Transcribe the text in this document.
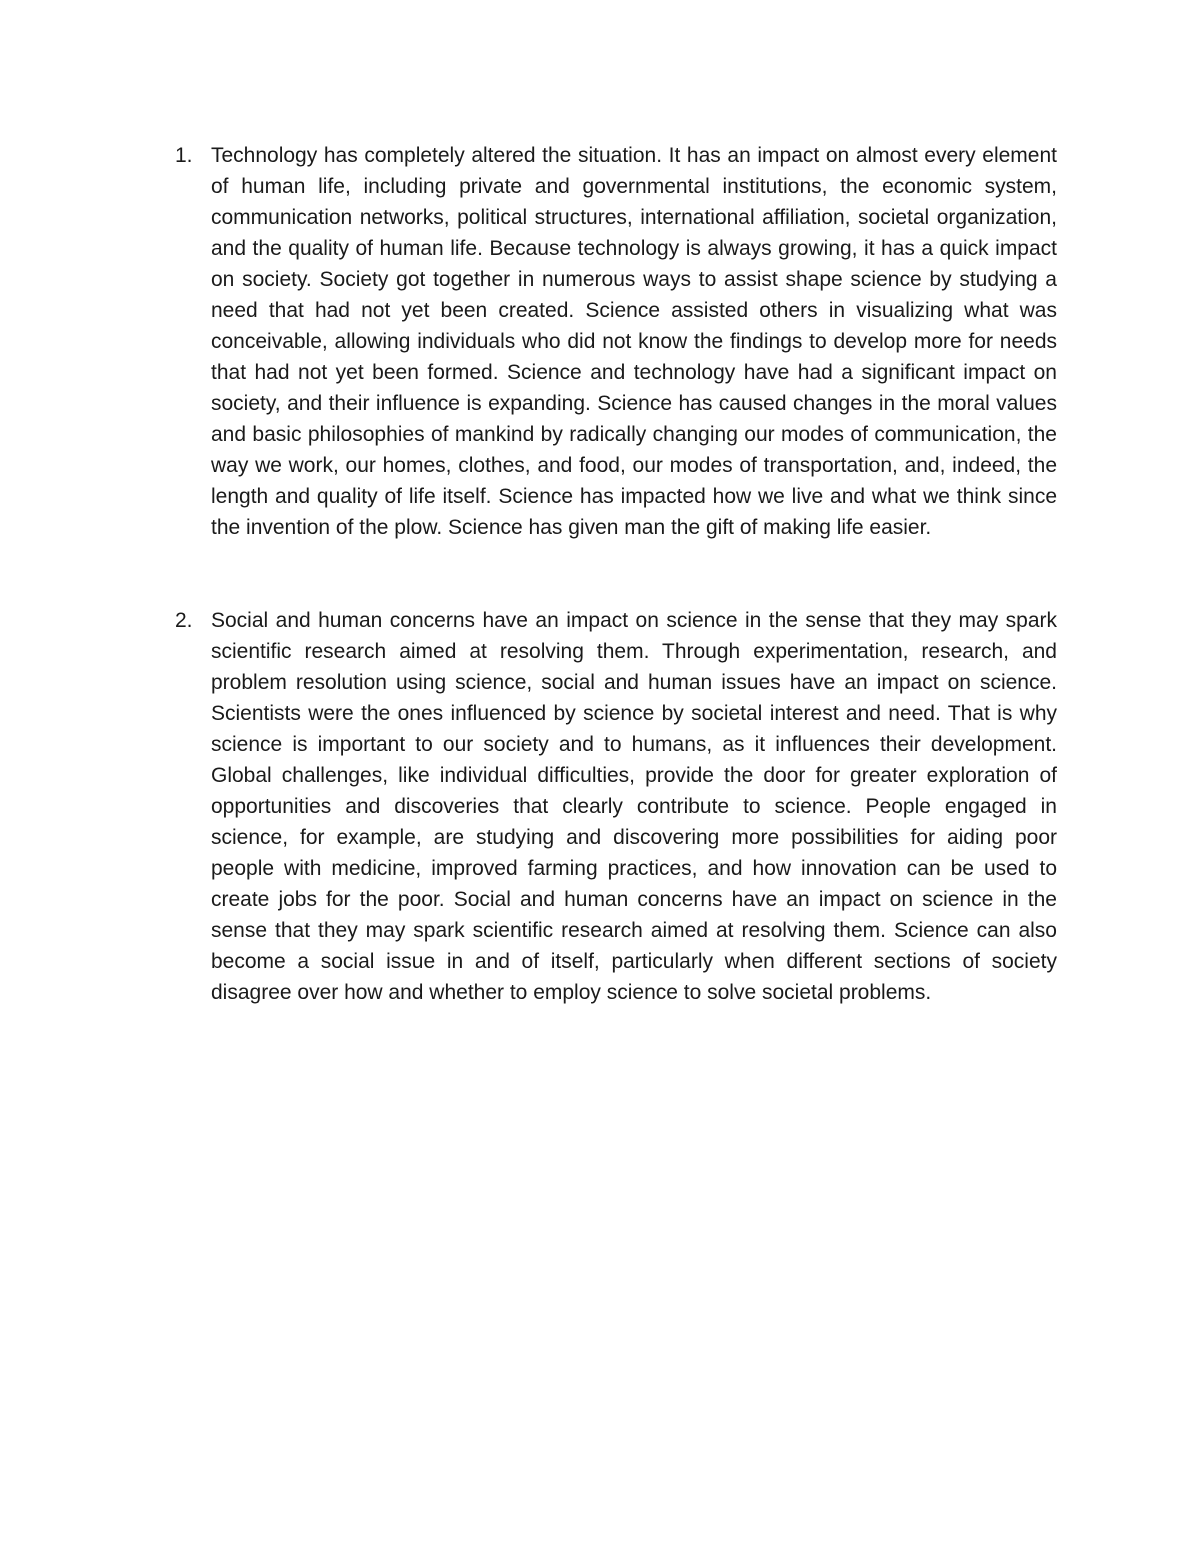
1. Technology has completely altered the situation. It has an impact on almost every element of human life, including private and governmental institutions, the economic system, communication networks, political structures, international affiliation, societal organization, and the quality of human life. Because technology is always growing, it has a quick impact on society. Society got together in numerous ways to assist shape science by studying a need that had not yet been created. Science assisted others in visualizing what was conceivable, allowing individuals who did not know the findings to develop more for needs that had not yet been formed. Science and technology have had a significant impact on society, and their influence is expanding. Science has caused changes in the moral values and basic philosophies of mankind by radically changing our modes of communication, the way we work, our homes, clothes, and food, our modes of transportation, and, indeed, the length and quality of life itself. Science has impacted how we live and what we think since the invention of the plow. Science has given man the gift of making life easier.

2. Social and human concerns have an impact on science in the sense that they may spark scientific research aimed at resolving them. Through experimentation, research, and problem resolution using science, social and human issues have an impact on science. Scientists were the ones influenced by science by societal interest and need. That is why science is important to our society and to humans, as it influences their development. Global challenges, like individual difficulties, provide the door for greater exploration of opportunities and discoveries that clearly contribute to science. People engaged in science, for example, are studying and discovering more possibilities for aiding poor people with medicine, improved farming practices, and how innovation can be used to create jobs for the poor. Social and human concerns have an impact on science in the sense that they may spark scientific research aimed at resolving them. Science can also become a social issue in and of itself, particularly when different sections of society disagree over how and whether to employ science to solve societal problems.
